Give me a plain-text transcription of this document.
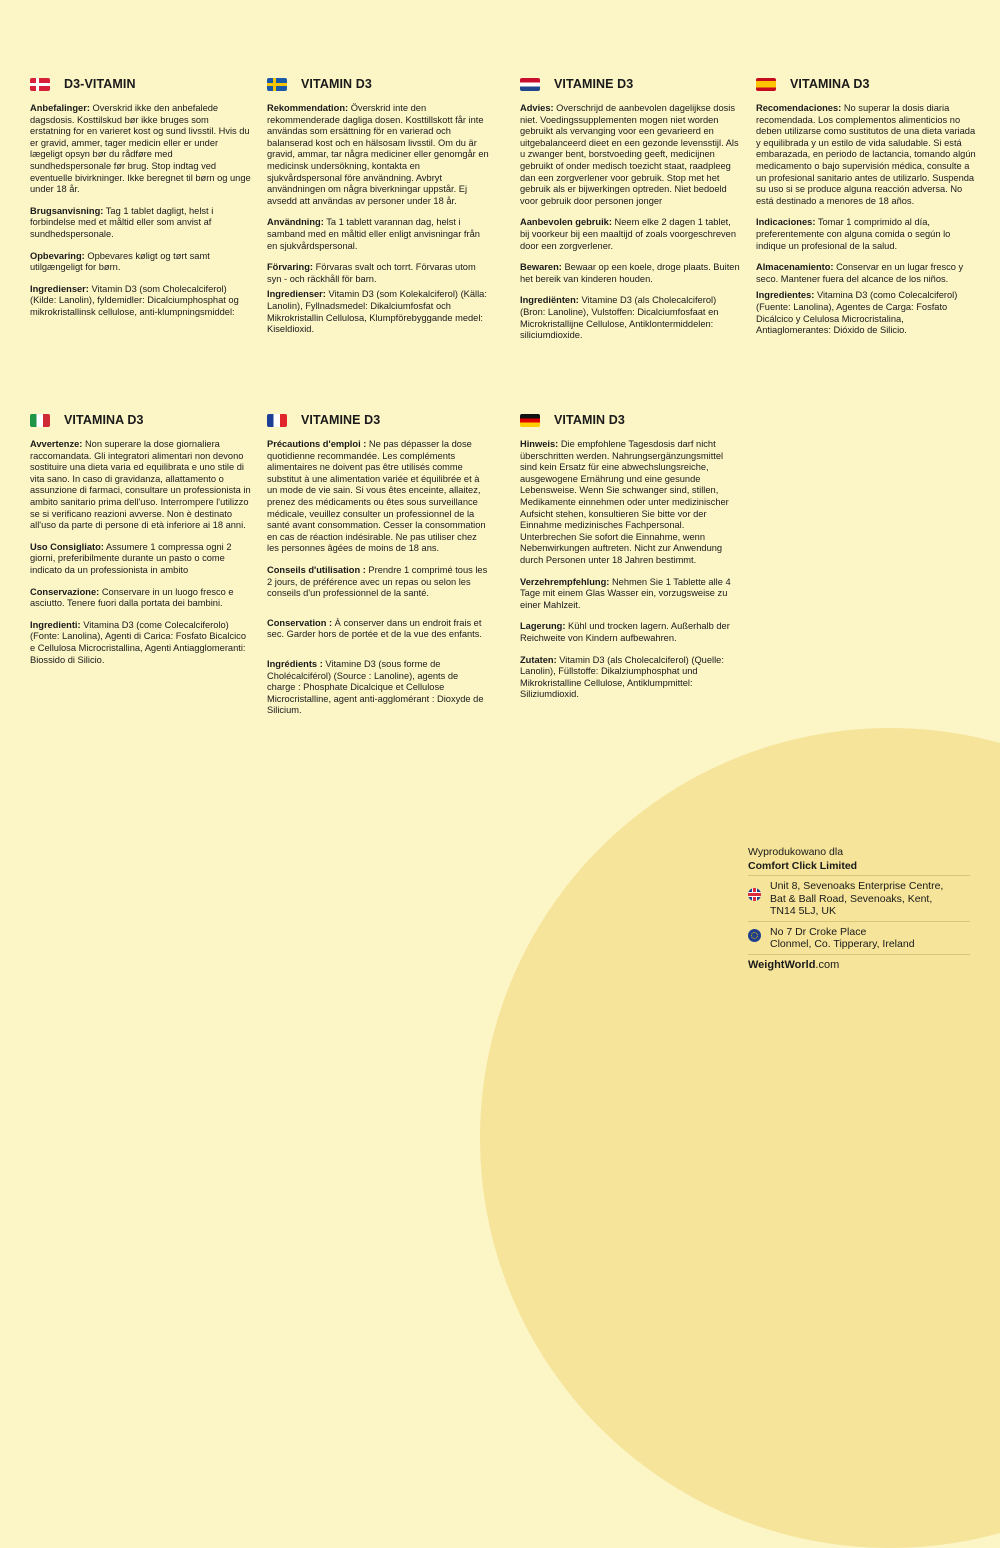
D3-VITAMIN

Anbefalinger: Overskrid ikke den anbefalede dagsdosis. Kosttilskud bør ikke bruges som erstatning for en varieret kost og sund livsstil. Hvis du er gravid, ammer, tager medicin eller er under lægeligt opsyn bør du rådføre med sundhedspersonale før brug. Stop indtag ved eventuelle bivirkninger. Ikke beregnet til børn og unge under 18 år.

Brugsanvisning: Tag 1 tablet dagligt, helst i forbindelse med et måltid eller som anvist af sundhedspersonale.

Opbevaring: Opbevares køligt og tørt samt utilgængeligt for børn.

Ingredienser: Vitamin D3 (som Cholecalciferol) (Kilde: Lanolin), fyldemidler: Dicalciumphosphat og mikrokristallinsk cellulose, anti-klumpningsmiddel:

VITAMIN D3

Rekommendation: Överskrid inte den rekommenderade dagliga dosen. Kosttillskott får inte användas som ersättning för en varierad och balanserad kost och en hälsosam livsstil. Om du är gravid, ammar, tar några mediciner eller genomgår en medicinsk undersökning, kontakta en sjukvårdspersonal före användning. Avbryt användningen om några biverkningar uppstår. Ej avsedd att användas av personer under 18 år.

Användning: Ta 1 tablett varannan dag, helst i samband med en måltid eller enligt anvisningar från en sjukvårdspersonal.

Förvaring: Förvaras svalt och torrt. Förvaras utom syn - och räckhåll för barn.

Ingredienser: Vitamin D3 (som Kolekalciferol) (Källa: Lanolin), Fyllnadsmedel: Dikalciumfosfat och Mikrokristallin Cellulosa, Klumpförebyggande medel: Kiseldioxid.

VITAMINE D3

Advies: Overschrijd de aanbevolen dagelijkse dosis niet. Voedingssupplementen mogen niet worden gebruikt als vervanging voor een gevarieerd en uitgebalanceerd dieet en een gezonde levensstijl. Als u zwanger bent, borstvoeding geeft, medicijnen gebruikt of onder medisch toezicht staat, raadpleeg dan een zorgverlener voor gebruik. Stop met het gebruik als er bijwerkingen optreden. Niet bedoeld voor gebruik door personen jonger

Aanbevolen gebruik: Neem elke 2 dagen 1 tablet, bij voorkeur bij een maaltijd of zoals voorgeschreven door een zorgverlener.

Bewaren: Bewaar op een koele, droge plaats. Buiten het bereik van kinderen houden.

Ingrediënten: Vitamine D3 (als Cholecalciferol) (Bron: Lanoline), Vulstoffen: Dicalciumfosfaat en Microkristallijne Cellulose, Antiklontermiddelen: siliciumdioxide.

VITAMINA D3

Recomendaciones: No superar la dosis diaria recomendada. Los complementos alimenticios no deben utilizarse como sustitutos de una dieta variada y equilibrada y un estilo de vida saludable. Si está embarazada, en periodo de lactancia, tomando algún medicamento o bajo supervisión médica, consulte a un profesional sanitario antes de utilizarlo. Suspenda su uso si se produce alguna reacción adversa. No está destinado a menores de 18 años.

Indicaciones: Tomar 1 comprimido al día, preferentemente con alguna comida o según lo indique un profesional de la salud.

Almacenamiento: Conservar en un lugar fresco y seco. Mantener fuera del alcance de los niños.

Ingredientes: Vitamina D3 (como Colecalciferol) (Fuente: Lanolina), Agentes de Carga: Fosfato Dicálcico y Celulosa Microcristalina, Antiaglomerantes: Dióxido de Silicio.

VITAMINA D3

Avvertenze: Non superare la dose giornaliera raccomandata. Gli integratori alimentari non devono sostituire una dieta varia ed equilibrata e uno stile di vita sano. In caso di gravidanza, allattamento o assunzione di farmaci, consultare un professionista in ambito sanitario prima dell'uso. Interrompere l'utilizzo se si verificano reazioni avverse. Non è destinato all'uso da parte di persone di età inferiore ai 18 anni.

Uso Consigliato: Assumere 1 compressa ogni 2 giorni, preferibilmente durante un pasto o come indicato da un professionista in ambito

Conservazione: Conservare in un luogo fresco e asciutto. Tenere fuori dalla portata dei bambini.

Ingredienti: Vitamina D3 (come Colecalciferolo) (Fonte: Lanolina), Agenti di Carica: Fosfato Bicalcico e Cellulosa Microcristallina, Agenti Antiagglomeranti: Biossido di Silicio.

VITAMINE D3

Précautions d'emploi : Ne pas dépasser la dose quotidienne recommandée. Les compléments alimentaires ne doivent pas être utilisés comme substitut à une alimentation variée et équilibrée et à un mode de vie sain. Si vous êtes enceinte, allaitez, prenez des médicaments ou êtes sous surveillance médicale, veuillez consulter un professionnel de la santé avant consommation. Cesser la consommation en cas de réaction indésirable. Ne pas utiliser chez les personnes âgées de moins de 18 ans.

Conseils d'utilisation : Prendre 1 comprimé tous les 2 jours, de préférence avec un repas ou selon les conseils d'un professionnel de la santé.

Conservation : À conserver dans un endroit frais et sec. Garder hors de portée et de la vue des enfants.

Ingrédients : Vitamine D3 (sous forme de Cholécalciférol) (Source : Lanoline), agents de charge : Phosphate Dicalcique et Cellulose Microcristalline, agent anti-agglomérant : Dioxyde de Silicium.

VITAMIN D3

Hinweis: Die empfohlene Tagesdosis darf nicht überschritten werden. Nahrungsergänzungsmittel sind kein Ersatz für eine abwechslungsreiche, ausgewogene Ernährung und eine gesunde Lebensweise. Wenn Sie schwanger sind, stillen, Medikamente einnehmen oder unter medizinischer Aufsicht stehen, konsultieren Sie bitte vor der Einnahme medizinisches Fachpersonal. Unterbrechen Sie sofort die Einnahme, wenn Nebenwirkungen auftreten. Nicht zur Anwendung durch Personen unter 18 Jahren bestimmt.

Verzehrempfehlung: Nehmen Sie 1 Tablette alle 4 Tage mit einem Glas Wasser ein, vorzugsweise zu einer Mahlzeit.

Lagerung: Kühl und trocken lagern. Außerhalb der Reichweite von Kindern aufbewahren.

Zutaten: Vitamin D3 (als Cholecalciferol) (Quelle: Lanolin), Füllstoffe: Dikalziumphosphat und Mikrokristalline Cellulose, Antiklumpmittel: Siliziumdioxid.

Wyprodukowano dla
Comfort Click Limited
Unit 8, Sevenoaks Enterprise Centre,
Bat & Ball Road, Sevenoaks, Kent,
TN14 5LJ, UK
No 7 Dr Croke Place
Clonmel, Co. Tipperary, Ireland
WeightWorld.com
